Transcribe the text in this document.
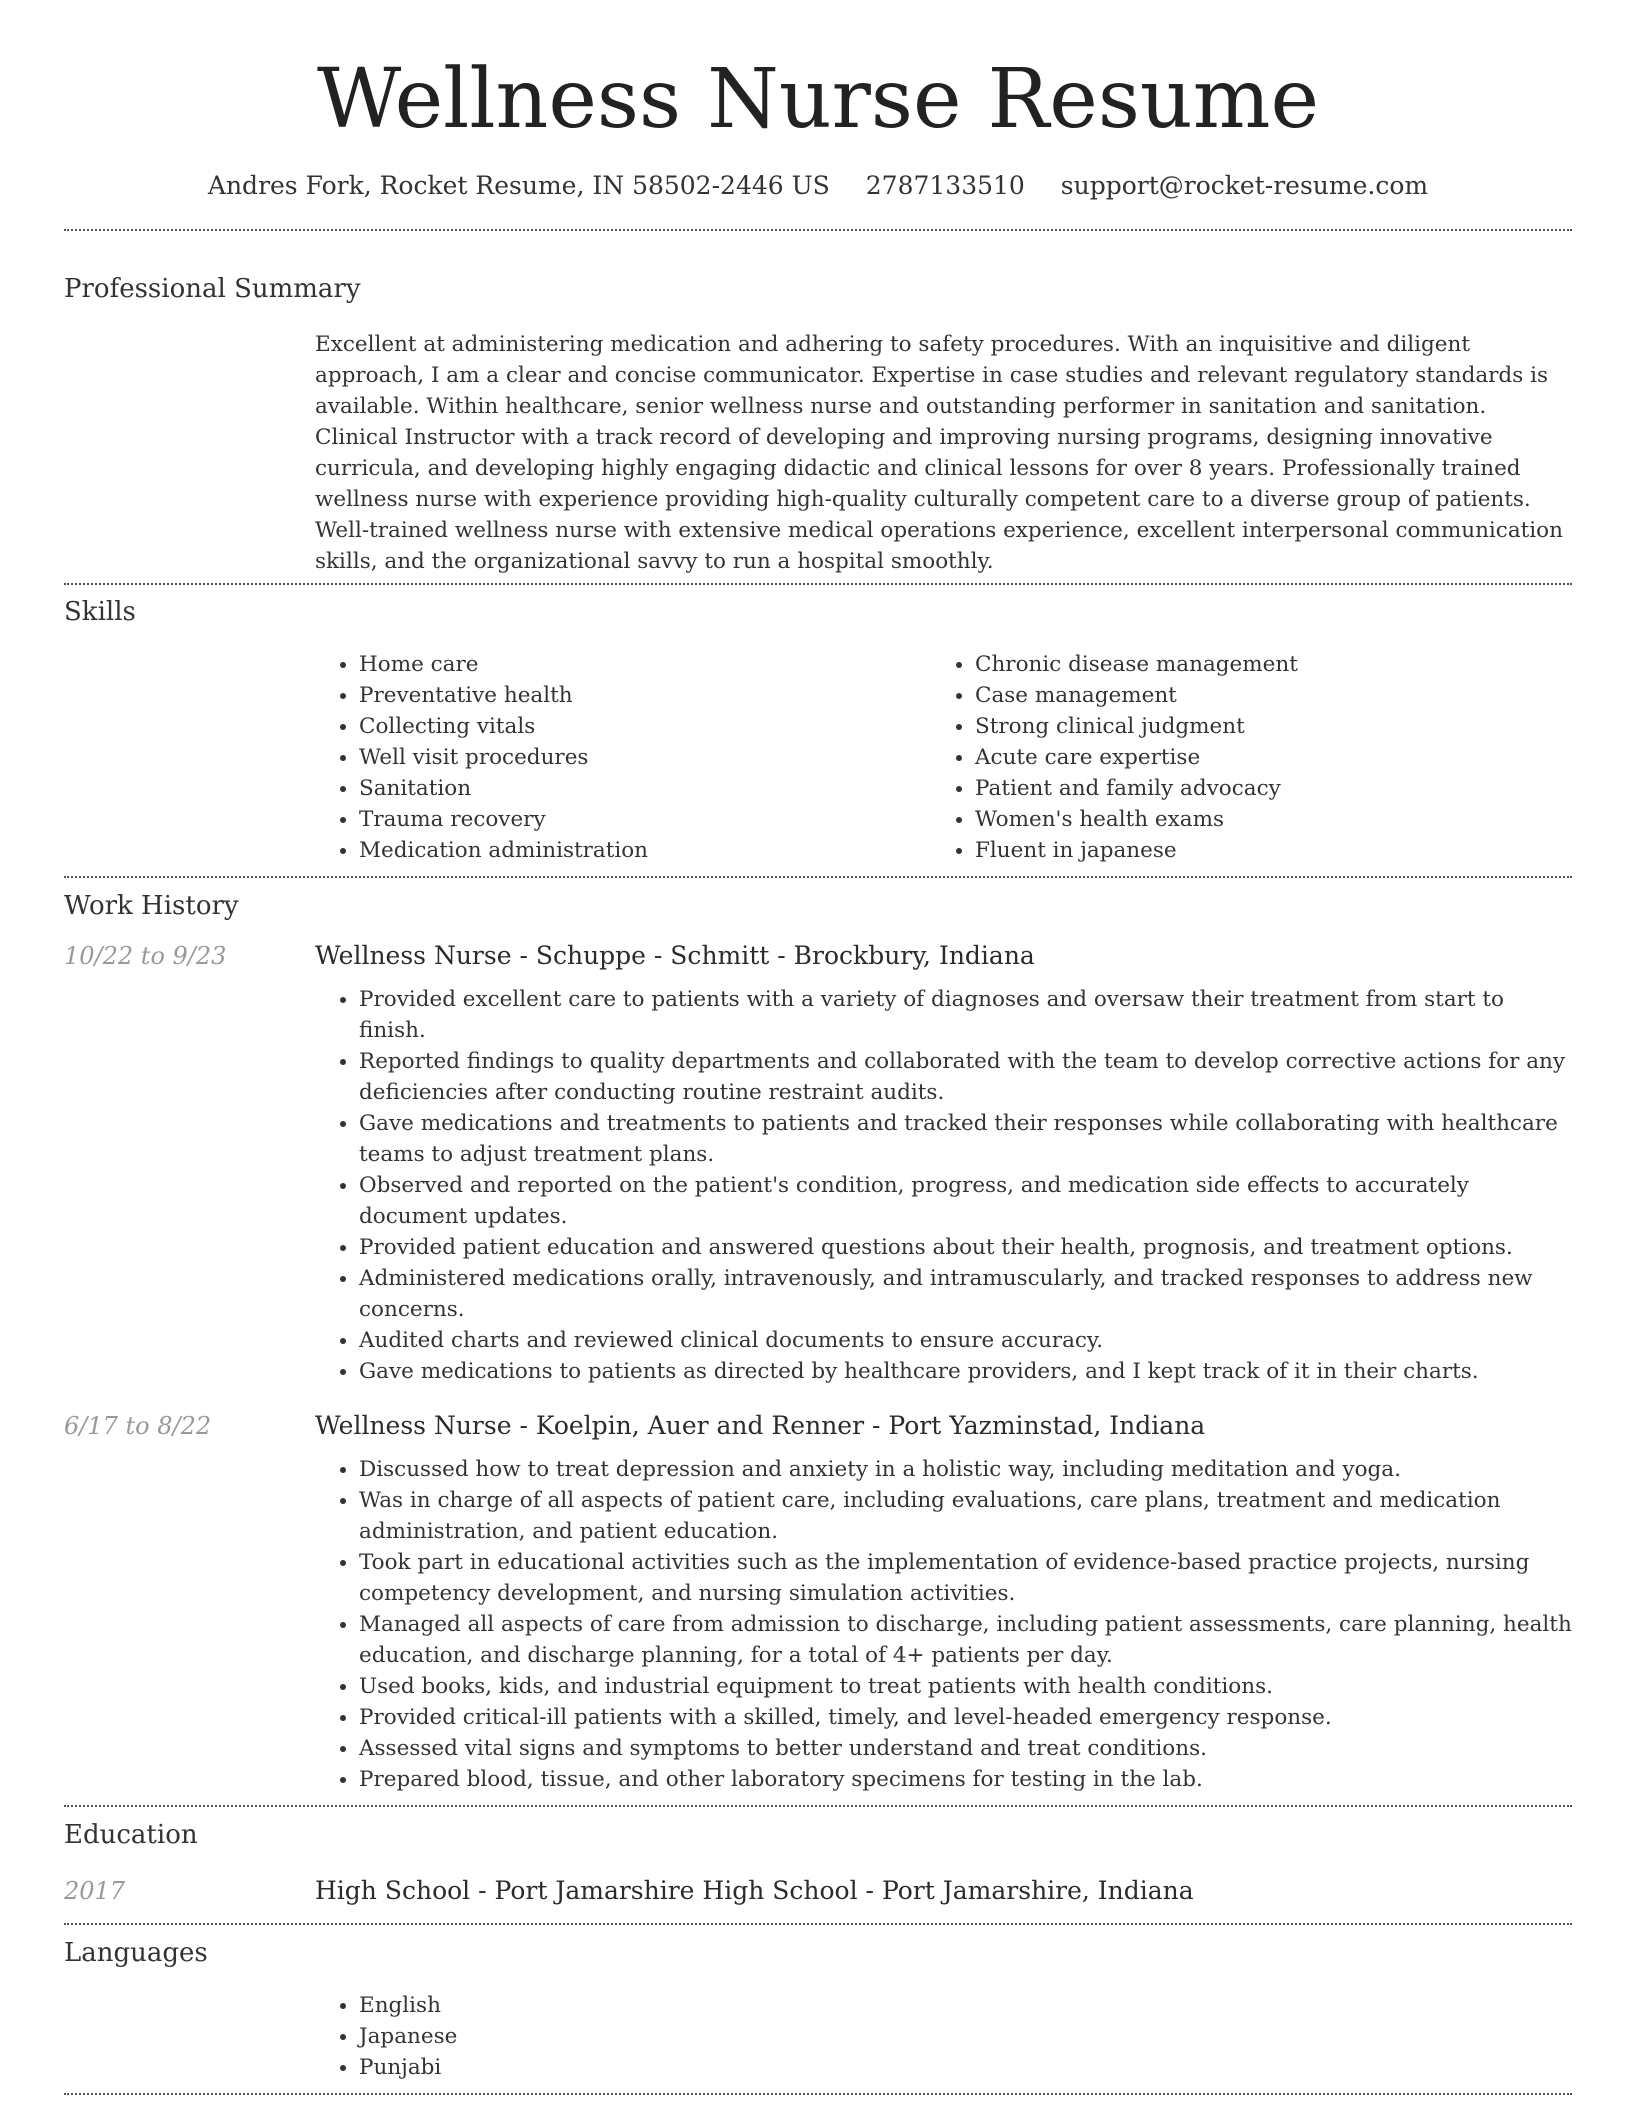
Wellness Nurse Resume
Andres Fork, Rocket Resume, IN 58502-2446 US 2787133510 support@rocket-resume.com
Professional Summary
Excellent at administering medication and adhering to safety procedures. With an inquisitive and diligent approach, I am a clear and concise communicator. Expertise in case studies and relevant regulatory standards is available. Within healthcare, senior wellness nurse and outstanding performer in sanitation and sanitation. Clinical Instructor with a track record of developing and improving nursing programs, designing innovative curricula, and developing highly engaging didactic and clinical lessons for over 8 years. Professionally trained wellness nurse with experience providing high-quality culturally competent care to a diverse group of patients. Well-trained wellness nurse with extensive medical operations experience, excellent interpersonal communication skills, and the organizational savvy to run a hospital smoothly.
Skills
• Home care
• Preventative health
• Collecting vitals
• Well visit procedures
• Sanitation
• Trauma recovery
• Medication administration
• Chronic disease management
• Case management
• Strong clinical judgment
• Acute care expertise
• Patient and family advocacy
• Women's health exams
• Fluent in japanese
Work History
10/22 to 9/23	Wellness Nurse - Schuppe - Schmitt - Brockbury, Indiana
• Provided excellent care to patients with a variety of diagnoses and oversaw their treatment from start to finish.
• Reported findings to quality departments and collaborated with the team to develop corrective actions for any deficiencies after conducting routine restraint audits.
• Gave medications and treatments to patients and tracked their responses while collaborating with healthcare teams to adjust treatment plans.
• Observed and reported on the patient's condition, progress, and medication side effects to accurately document updates.
• Provided patient education and answered questions about their health, prognosis, and treatment options.
• Administered medications orally, intravenously, and intramuscularly, and tracked responses to address new concerns.
• Audited charts and reviewed clinical documents to ensure accuracy.
• Gave medications to patients as directed by healthcare providers, and I kept track of it in their charts.
6/17 to 8/22	Wellness Nurse - Koelpin, Auer and Renner - Port Yazminstad, Indiana
• Discussed how to treat depression and anxiety in a holistic way, including meditation and yoga.
• Was in charge of all aspects of patient care, including evaluations, care plans, treatment and medication administration, and patient education.
• Took part in educational activities such as the implementation of evidence-based practice projects, nursing competency development, and nursing simulation activities.
• Managed all aspects of care from admission to discharge, including patient assessments, care planning, health education, and discharge planning, for a total of 4+ patients per day.
• Used books, kids, and industrial equipment to treat patients with health conditions.
• Provided critical-ill patients with a skilled, timely, and level-headed emergency response.
• Assessed vital signs and symptoms to better understand and treat conditions.
• Prepared blood, tissue, and other laboratory specimens for testing in the lab.
Education
2017	High School - Port Jamarshire High School - Port Jamarshire, Indiana
Languages
• English
• Japanese
• Punjabi
